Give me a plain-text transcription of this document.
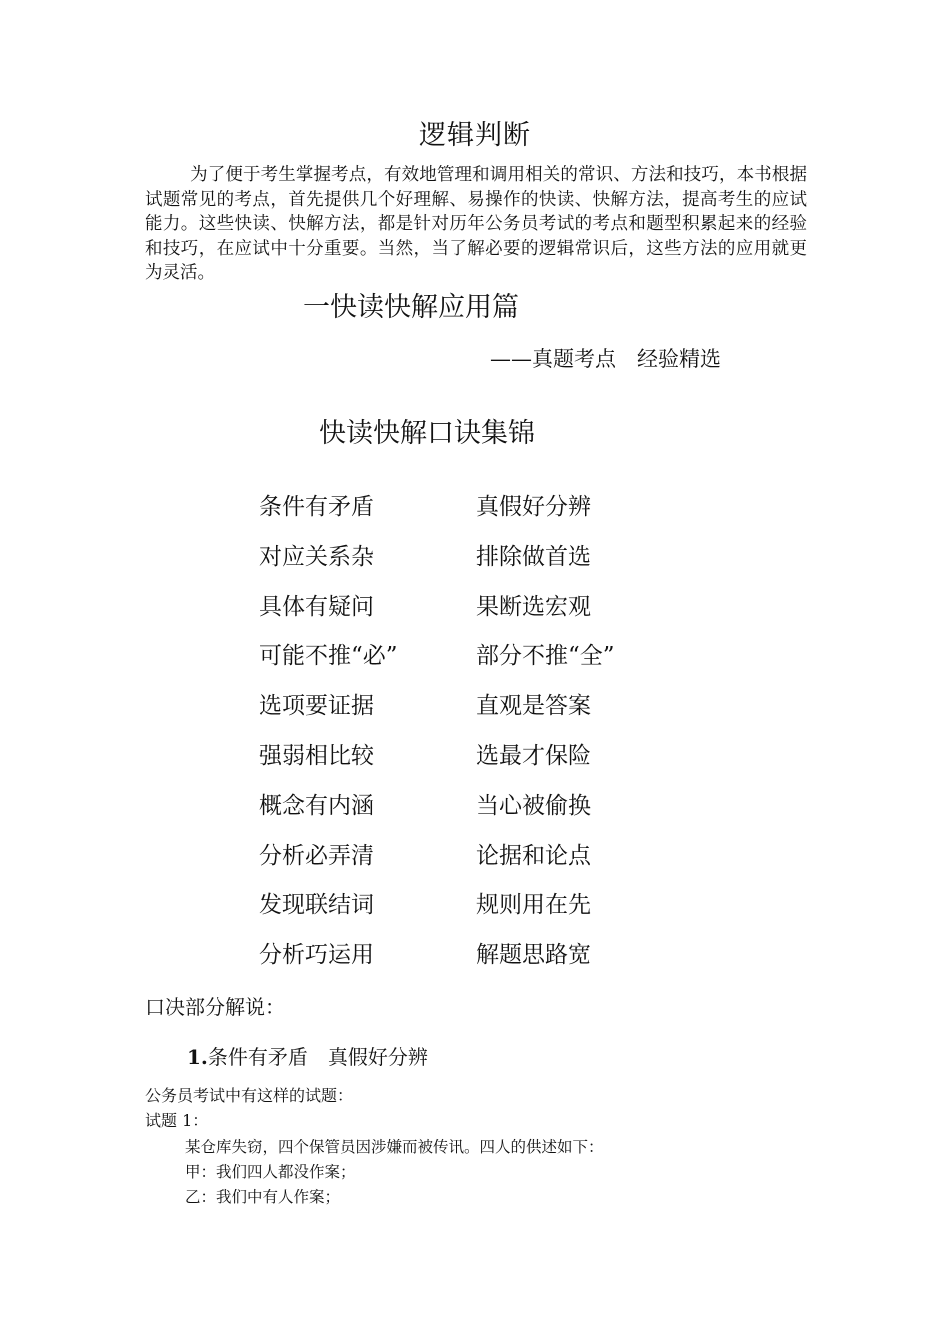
逻辑判断
为了便于考生掌握考点，有效地管理和调用相关的常识、方法和技巧，本书根据试题常见的考点，首先提供几个好理解、易操作的快读、快解方法，提高考生的应试能力。这些快读、快解方法，都是针对历年公务员考试的考点和题型积累起来的经验和技巧，在应试中十分重要。当然，当了解必要的逻辑常识后，这些方法的应用就更为灵活。
一快读快解应用篇
——真题考点　经验精选
快读快解口诀集锦
条件有矛盾	真假好分辨
对应关系杂	排除做首选
具体有疑问	果断选宏观
可能不推“必”	部分不推“全”
选项要证据	直观是答案
强弱相比较	选最才保险
概念有内涵	当心被偷换
分析必弄清	论据和论点
发现联结词	规则用在先
分析巧运用	解题思路宽
口决部分解说：
1.条件有矛盾　真假好分辨
公务员考试中有这样的试题：
试题 1：
某仓库失窃，四个保管员因涉嫌而被传讯。四人的供述如下：
甲：我们四人都没作案；
乙：我们中有人作案；
